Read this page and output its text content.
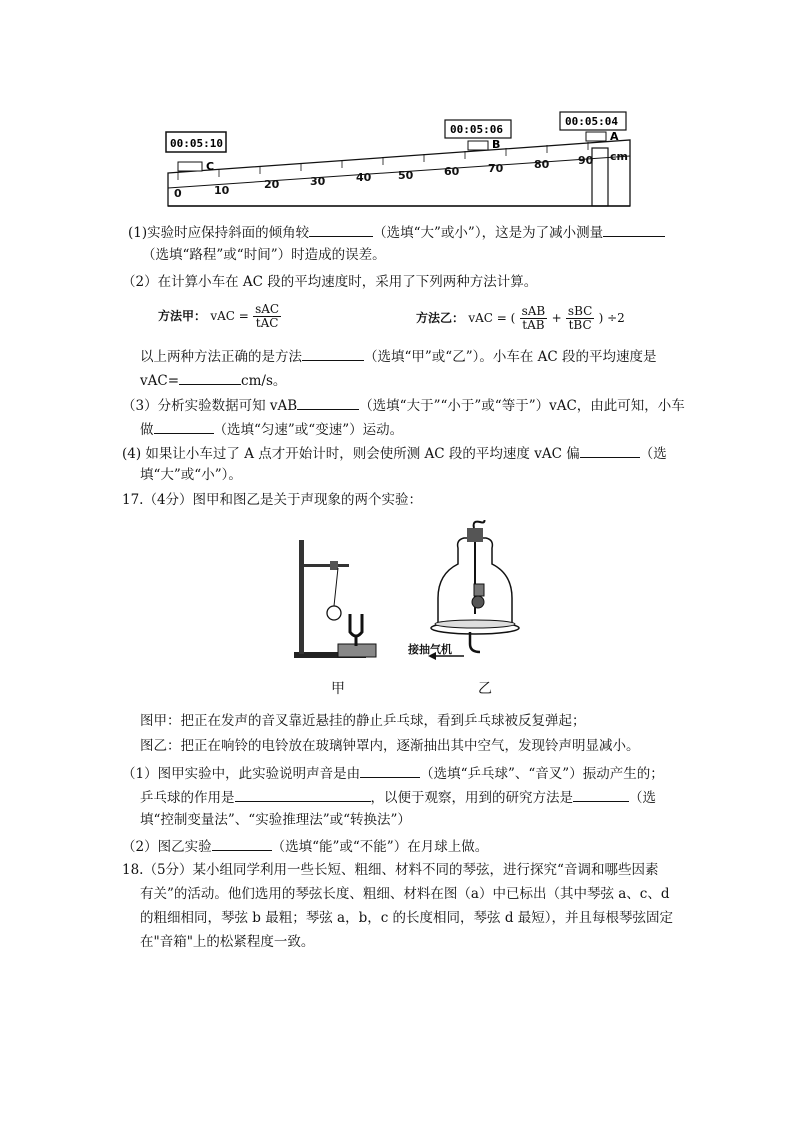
0	10	20	30	40 50	60	70	80	90 cm
C
B
A
00:05:10
00:05:06
00:05:04
(1)实验时应保持斜面的倾角较	（选填“大”或小”），这是为了减小测量
（选填“路程”或“时间”）时造成的误差。
（2）在计算小车在 AC 段的平均速度时，采用了下列两种方法计算。
方法甲： vAC = $\frac{\text{sAC}}{\text{tAC}}$	方法乙： vAC = ( $\frac{\text{sAB}}{\text{tAB}} + \frac{\text{sBC}}{\text{tBC}}$ ) ÷2
以上两种方法正确的是方法	（选填“甲”或“乙”）。小车在 AC 段的平均速度是
vAC=	cm/s。
（3）分析实验数据可知 vAB	（选填“大于”“小于”或“等于”）vAC，由此可知，小车
做	（选填“匀速”或“变速”）运动。
(4) 如果让小车过了 A 点才开始计时，则会使所测 AC 段的平均速度 vAC 偏	（选
填“大”或“小”）。
17.（4分）图甲和图乙是关于声现象的两个实验：
接抽气机
甲	乙
图甲：把正在发声的音叉靠近悬挂的静止乒乓球，看到乒乓球被反复弹起；
图乙：把正在响铃的电铃放在玻璃钟罩内，逐渐抽出其中空气，发现铃声明显减小。
（1）图甲实验中，此实验说明声音是由	（选填“乒乓球”、“音叉”）振动产生的；
乒乓球的作用是	，以便于观察，用到的研究方法是	（选
填“控制变量法”、“实验推理法”或“转换法”）
（2）图乙实验	（选填“能”或“不能”）在月球上做。
18.（5分）某小组同学利用一些长短、粗细、材料不同的琴弦，进行探究“音调和哪些因素
有关”的活动。他们选用的琴弦长度、粗细、材料在图（a）中已标出（其中琴弦 a、c、d
的粗细相同，琴弦 b 最粗；琴弦 a，b，c 的长度相同，琴弦 d 最短），并且每根琴弦固定
在"音箱"上的松紧程度一致。
